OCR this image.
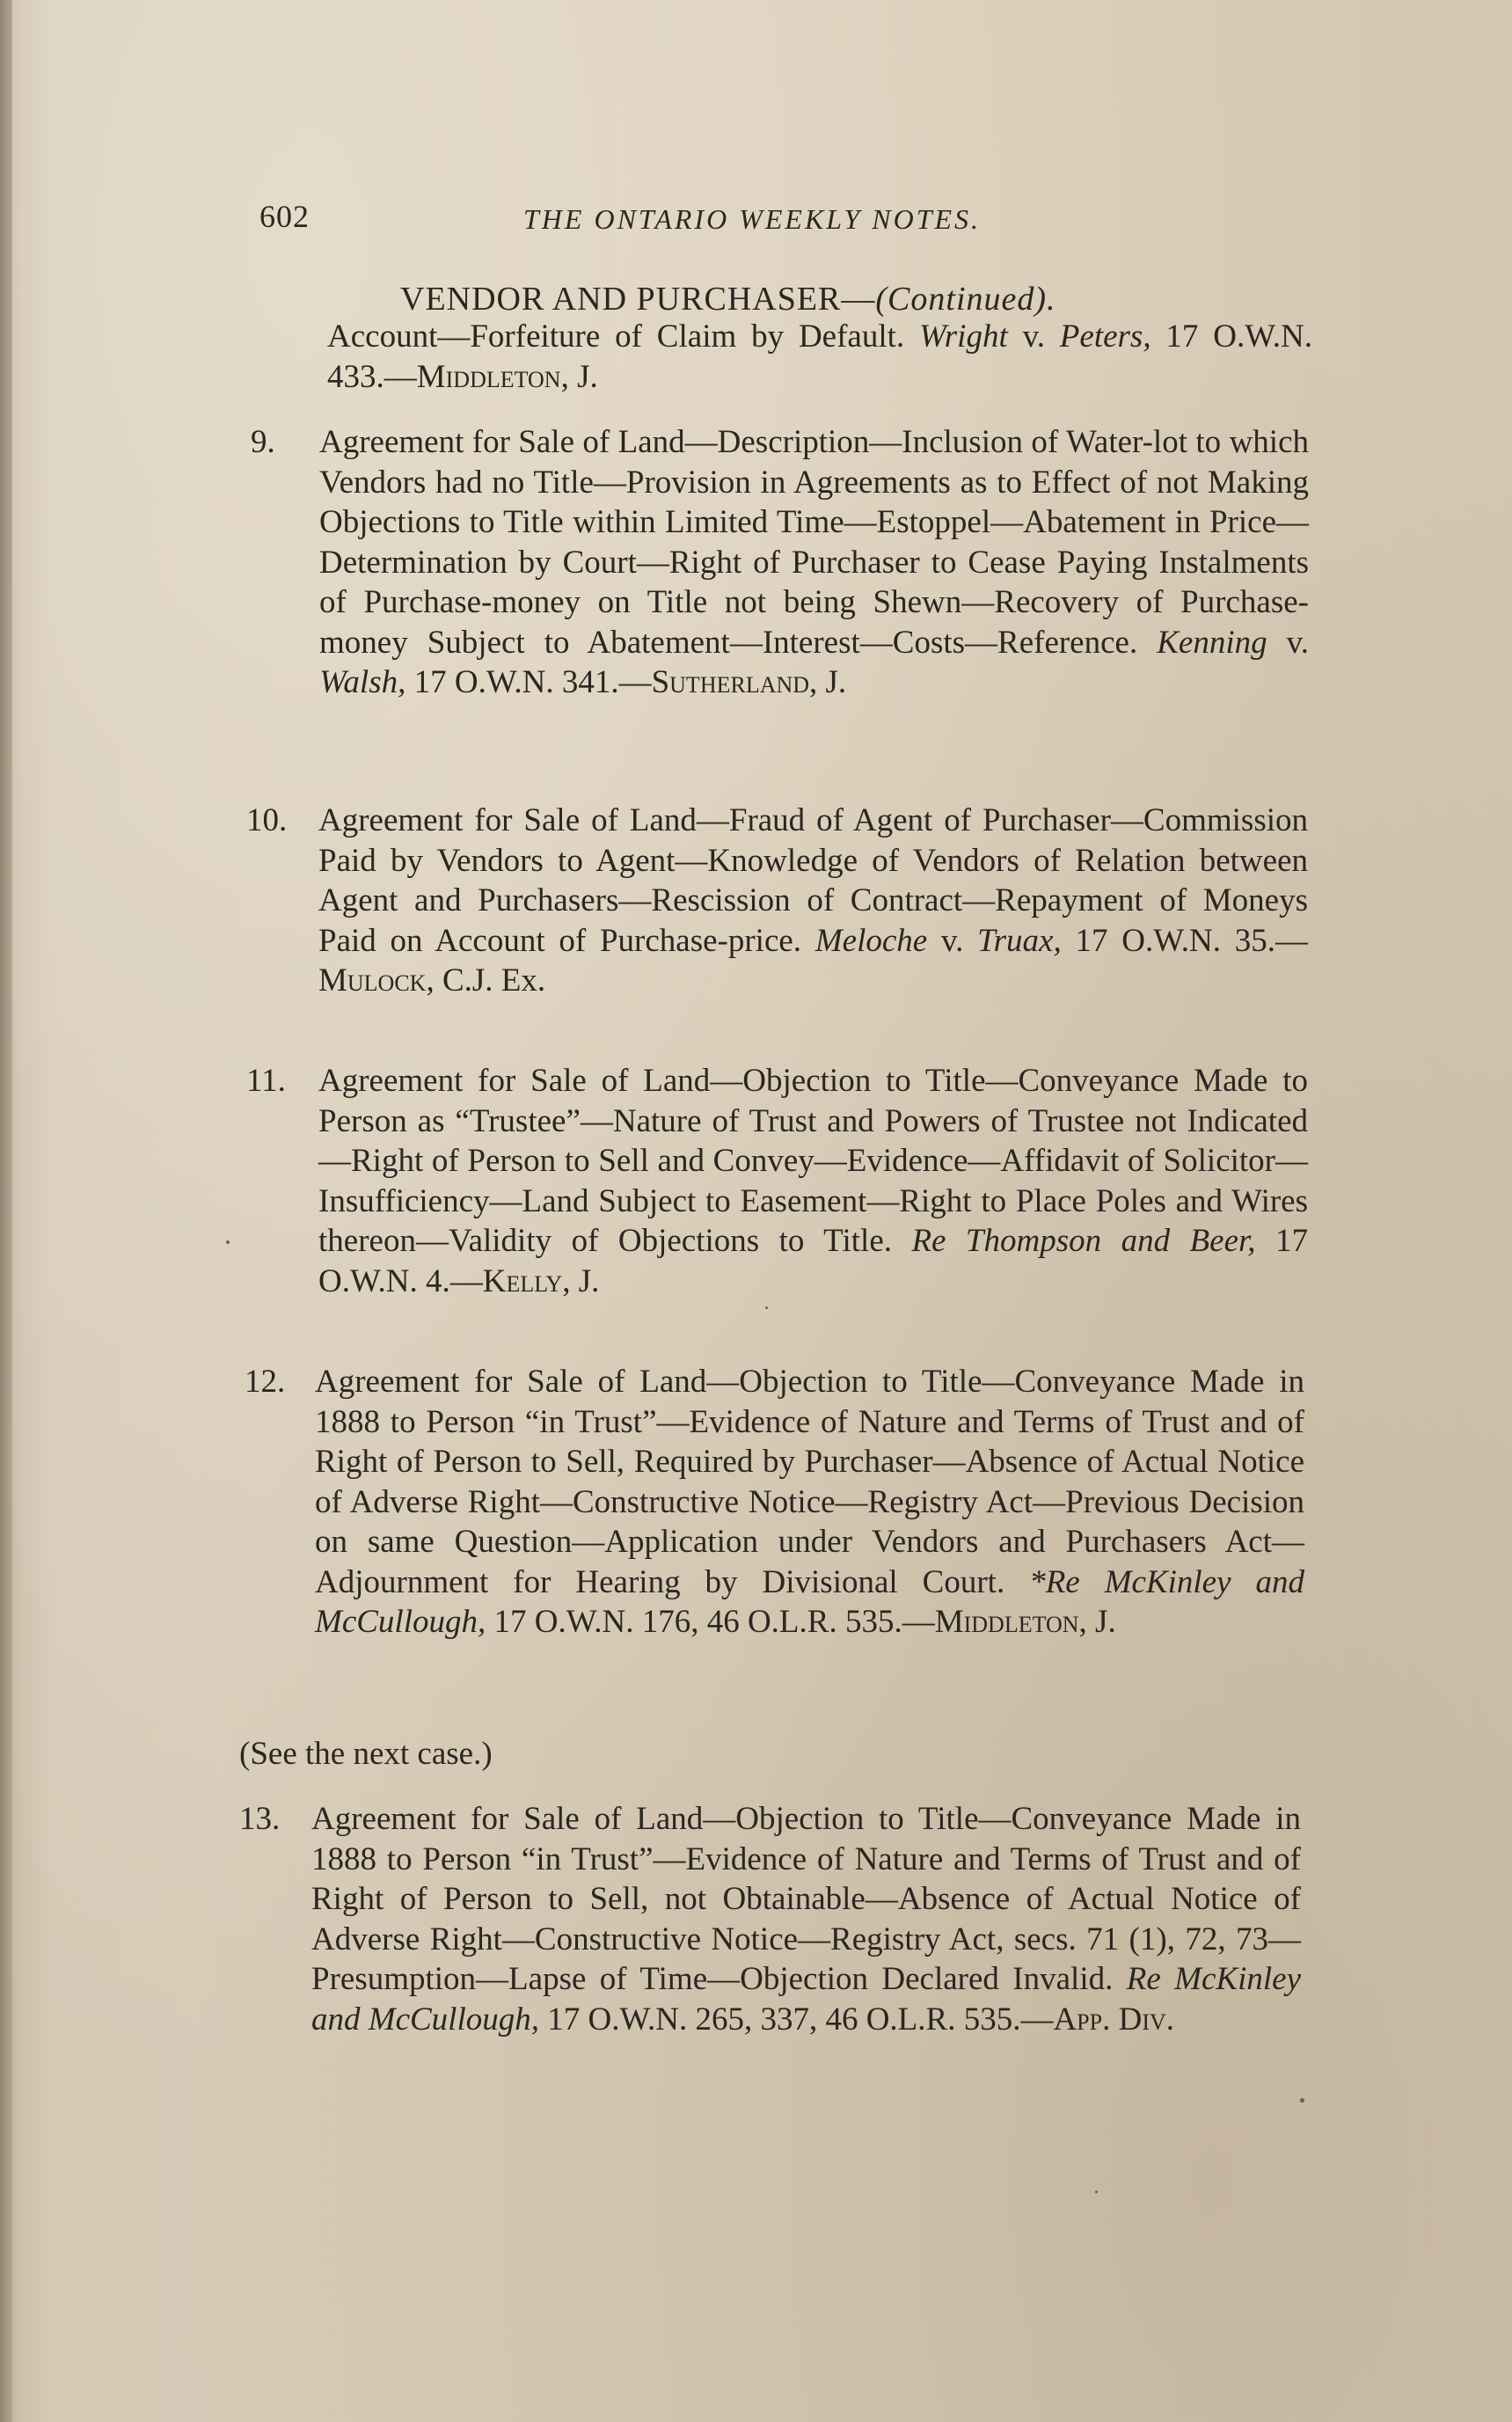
602	THE ONTARIO WEEKLY NOTES.
VENDOR AND PURCHASER—(Continued).
Account—Forfeiture of Claim by Default. Wright v. Peters, 17 O.W.N. 433.—Middleton, J.
9.	Agreement for Sale of Land—Description—Inclusion of Water-lot to which Vendors had no Title—Provision in Agreements as to Effect of not Making Objections to Title within Limited Time—Estoppel—Abatement in Price—Determination by Court—Right of Purchaser to Cease Paying Instalments of Purchase-money on Title not being Shewn—Recovery of Purchase-money Subject to Abatement—Interest—Costs—Reference. Kenning v. Walsh, 17 O.W.N. 341.—Sutherland, J.
10. Agreement for Sale of Land—Fraud of Agent of Purchaser—Commission Paid by Vendors to Agent—Knowledge of Vendors of Relation between Agent and Purchasers—Rescission of Contract—Repayment of Moneys Paid on Account of Purchase-price. Meloche v. Truax, 17 O.W.N. 35.—Mulock, C.J. Ex.
11.	Agreement for Sale of Land—Objection to Title—Conveyance Made to Person as “Trustee”—Nature of Trust and Powers of Trustee not Indicated—Right of Person to Sell and Convey—Evidence—Affidavit of Solicitor—Insufficiency—Land Subject to Easement—Right to Place Poles and Wires thereon—Validity of Objections to Title. Re Thompson and Beer, 17 O.W.N. 4.—Kelly, J.
12. Agreement for Sale of Land—Objection to Title—Conveyance Made in 1888 to Person “in Trust”—Evidence of Nature and Terms of Trust and of Right of Person to Sell, Required by Purchaser—Absence of Actual Notice of Adverse Right—Constructive Notice—Registry Act—Previous Decision on same Question—Application under Vendors and Purchasers Act—Adjournment for Hearing by Divisional Court. *Re McKinley and McCullough, 17 O.W.N. 176, 46 O.L.R. 535.—Middleton, J.
(See the next case.)
13. Agreement for Sale of Land—Objection to Title—Conveyance Made in 1888 to Person “in Trust”—Evidence of Nature and Terms of Trust and of Right of Person to Sell, not Obtainable—Absence of Actual Notice of Adverse Right—Constructive Notice—Registry Act, secs. 71 (1), 72, 73—Presumption—Lapse of Time—Objection Declared Invalid. Re McKinley and McCullough, 17 O.W.N. 265, 337, 46 O.L.R. 535.—App. Div.
